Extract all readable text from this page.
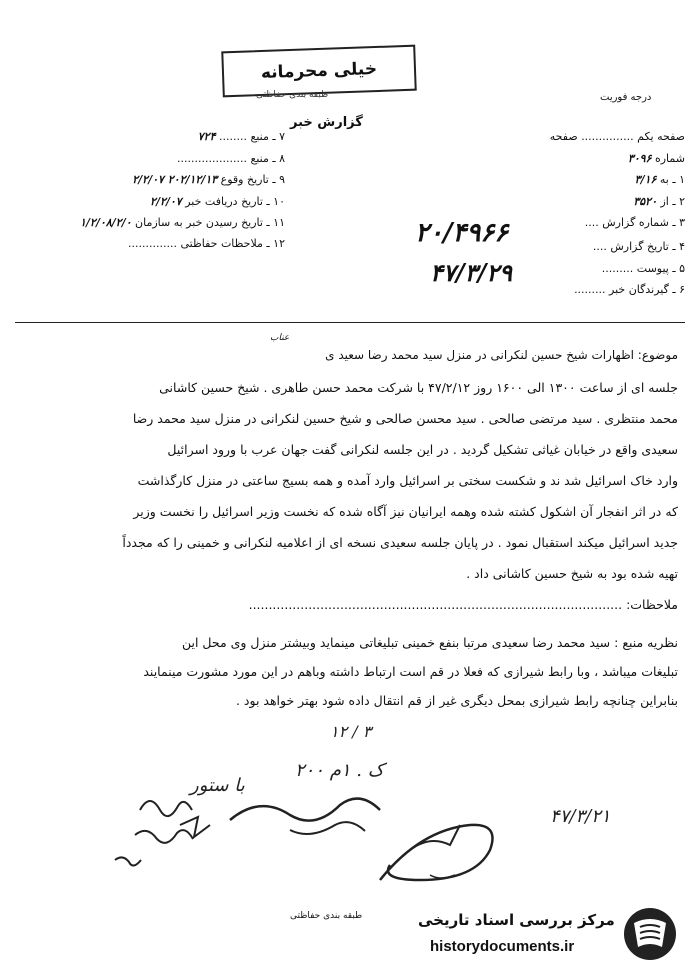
خیلی محرمانه
طبقه بندی حفاظتی	درجه فوریت
گزارش خبر
۷ ـ منبع ........ ۷۲۴
۸ ـ منبع ....................
۹ ـ تاریخ وقوع ۲۰۲/۱۲/۱۳ ۲/۲/۰۷
۱۰ ـ تاریخ دریافت خبر ۲/۲/۰۷
۱۱ ـ تاریخ رسیدن خبر به سازمان ۱/۲/۰۸/۲/۰
۱۲ ـ ملاحظات حفاظتی ..............
صفحه یکم ............... صفحه
شماره ۳۰۹۶
۱ ـ به ۳/۱۶
۲ ـ از ۳۵۲۰
۳ ـ شماره گزارش ....
۴ ـ تاریخ گزارش ....
۵ ـ پیوست .........
۶ ـ گیرندگان خبر .........
۲۰/۴۹۶۶
۴۷/۳/۲۹
عناب
موضوع: اظهارات شیخ حسین لنکرانی در منزل سید محمد رضا سعید ی
جلسه ای از ساعت ۱۳۰۰ الی ۱۶۰۰ روز ۴۷/۲/۱۲ با شرکت محمد حسن طاهری . شیخ حسین کاشانی
محمد منتظری . سید مرتضی صالحی . سید محسن صالحی و شیخ حسین لنکرانی در منزل سید محمد رضا
سعیدی واقع در خیابان غیاثی تشکیل گردید . در این جلسه لنکرانی گفت جهان عرب با ورود اسرائیل
وارد خاک اسرائیل شد ند و شکست سختی بر اسرائیل وارد آمده و همه بسیج ساعتی در منزل کارگذاشت
که در اثر انفجار آن اشکول کشته شده وهمه ایرانیان نیز آگاه شده که نخست وزیر اسرائیل را نخست وزیر
جدید اسرائیل میکند استقبال نمود . در پایان جلسه سعیدی نسخه ای از اعلامیه لنکرانی و خمینی را که مجدداً
تهیه شده بود به شیخ حسین کاشانی داد .
ملاحظات: ..............................................................................................
نظریه منبع : سید محمد رضا سعیدی مرتبا بنفع خمینی تبلیغاتی مینماید وبیشتر منزل وی محل این
تبلیغات میباشد ، وبا رابط شیرازی که فعلا در قم است ارتباط داشته وباهم در این مورد مشورت مینمایند
بنابراین چنانچه رابط شیرازی بمحل دیگری غیر از قم انتقال داده شود بهتر خواهد بود .
۱۲ / ۳
۲۰۰ ک . ۱م
با ستور
۴۷/۳/۲۱
طبقه بندی حفاظتی	مرکز بررسی اسناد تاریخی
historydocuments.ir
